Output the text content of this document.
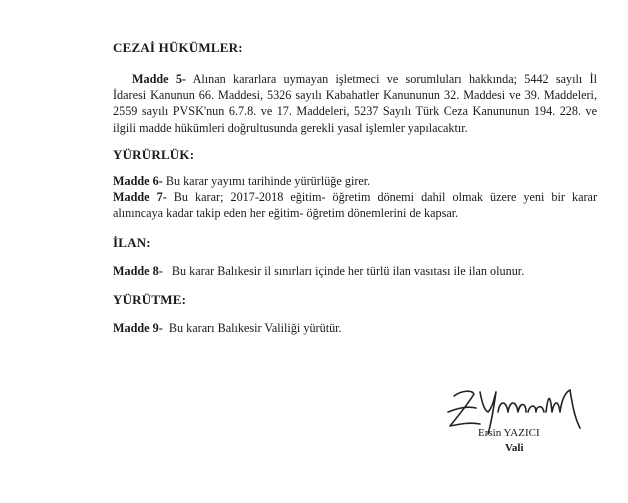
CEZAİ HÜKÜMLER:
Madde 5- Alınan kararlara uymayan işletmeci ve sorumluları hakkında; 5442 sayılı İl
İdaresi Kanunun 66. Maddesi, 5326 sayılı Kabahatler Kanununun 32. Maddesi ve 39. Maddeleri,
2559 sayılı PVSK'nun 6.7.8. ve 17. Maddeleri, 5237 Sayılı Türk Ceza Kanununun 194. 228. ve
ilgili madde hükümleri doğrultusunda gerekli yasal işlemler yapılacaktır.
YÜRÜRLÜK:
Madde 6- Bu karar yayımı tarihinde yürürlüğe girer.
Madde 7- Bu karar; 2017-2018 eğitim- öğretim dönemi dahil olmak üzere yeni bir karar
alınıncaya kadar takip eden her eğitim- öğretim dönemlerini de kapsar.
İLAN:
Madde 8-   Bu karar Balıkesir il sınırları içinde her türlü ilan vasıtası ile ilan olunur.
YÜRÜTME:
Madde 9-  Bu kararı Balıkesir Valiliği yürütür.
Ersin YAZICI
Vali
